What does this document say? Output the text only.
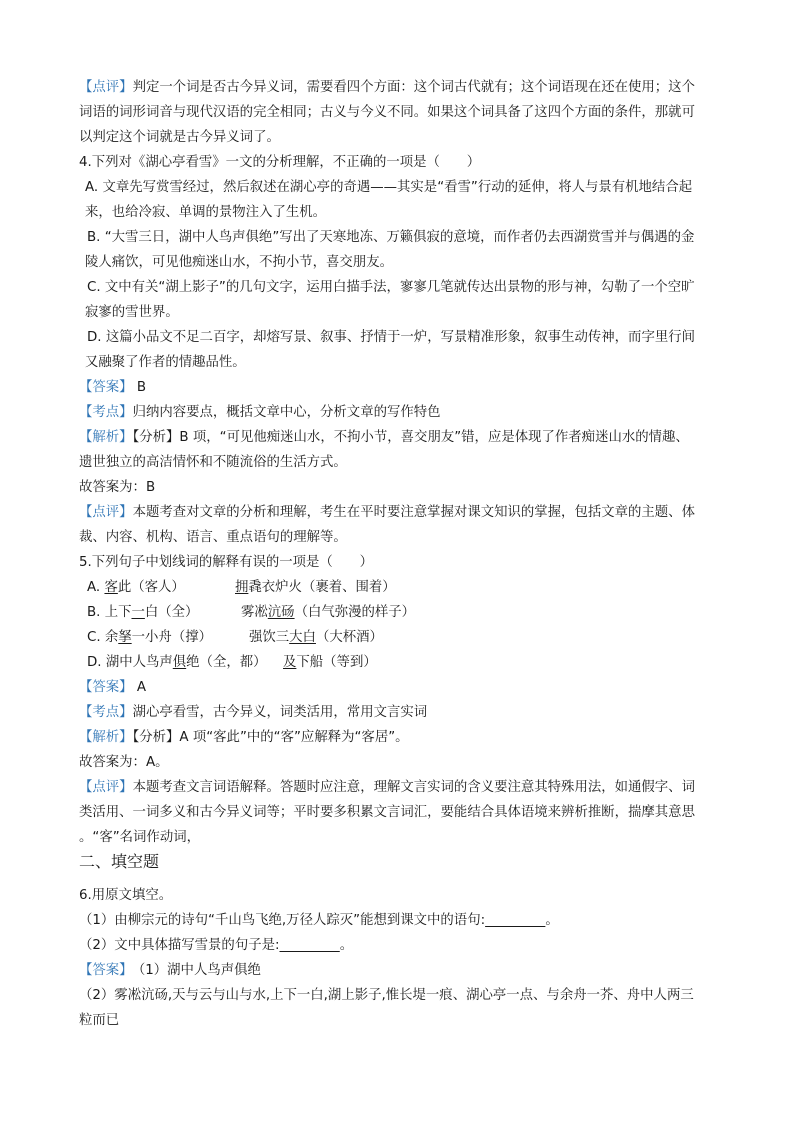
【点评】判定一个词是否古今异义词，需要看四个方面：这个词古代就有；这个词语现在还在使用；这个
词语的词形词音与现代汉语的完全相同；古义与今义不同。如果这个词具备了这四个方面的条件，那就可
以判定这个词就是古今异义词了。
4.下列对《湖心亭看雪》一文的分析理解，不正确的一项是（　　）
A. 文章先写赏雪经过，然后叙述在湖心亭的奇遇——其实是“看雪”行动的延伸，将人与景有机地结合起
来，也给冷寂、单调的景物注入了生机。
B. “大雪三日，湖中人鸟声俱绝”写出了天寒地冻、万籁俱寂的意境，而作者仍去西湖赏雪并与偶遇的金
陵人痛饮，可见他痴迷山水，不拘小节，喜交朋友。
C. 文中有关“湖上影子”的几句文字，运用白描手法，寥寥几笔就传达出景物的形与神，勾勒了一个空旷
寂寥的雪世界。
D. 这篇小品文不足二百字，却熔写景、叙事、抒情于一炉，写景精准形象，叙事生动传神，而字里行间
又融聚了作者的情趣品性。
【答案】 B
【考点】归纳内容要点，概括文章中心，分析文章的写作特色
【解析】【分析】B 项，“可见他痴迷山水，不拘小节，喜交朋友”错，应是体现了作者痴迷山水的情趣、
遗世独立的高洁情怀和不随流俗的生活方式。
故答案为：B
【点评】本题考查对文章的分析和理解，考生在平时要注意掌握对课文知识的掌握，包括文章的主题、体
裁、内容、机构、语言、重点语句的理解等。
5.下列句子中划线词的解释有误的一项是（　　）
A. 客此（客人）	拥毳衣炉火（裹着、围着）
B. 上下一白（全）	雾凇沆砀（白气弥漫的样子）
C. 余拏一小舟（撑）	强饮三大白（大杯酒）
D. 湖中人鸟声俱绝（全，都） 及下船（等到）
【答案】 A
【考点】湖心亭看雪，古今异义，词类活用，常用文言实词
【解析】【分析】A 项“客此”中的“客”应解释为“客居”。
故答案为：A。
【点评】本题考查文言词语解释。答题时应注意，理解文言实词的含义要注意其特殊用法，如通假字、词
类活用、一词多义和古今异义词等；平时要多积累文言词汇，要能结合具体语境来辨析推断，揣摩其意思
。“客”名词作动词，
二、填空题
6.用原文填空。
（1）由柳宗元的诗句“千山鸟飞绝,万径人踪灭”能想到课文中的语句:         	。
（2）文中具体描写雪景的句子是:         	。
【答案】 （1）湖中人鸟声俱绝
（2）雾凇沆砀,天与云与山与水,上下一白,湖上影子,惟长堤一痕、湖心亭一点、与余舟一芥、舟中人两三
粒而已
